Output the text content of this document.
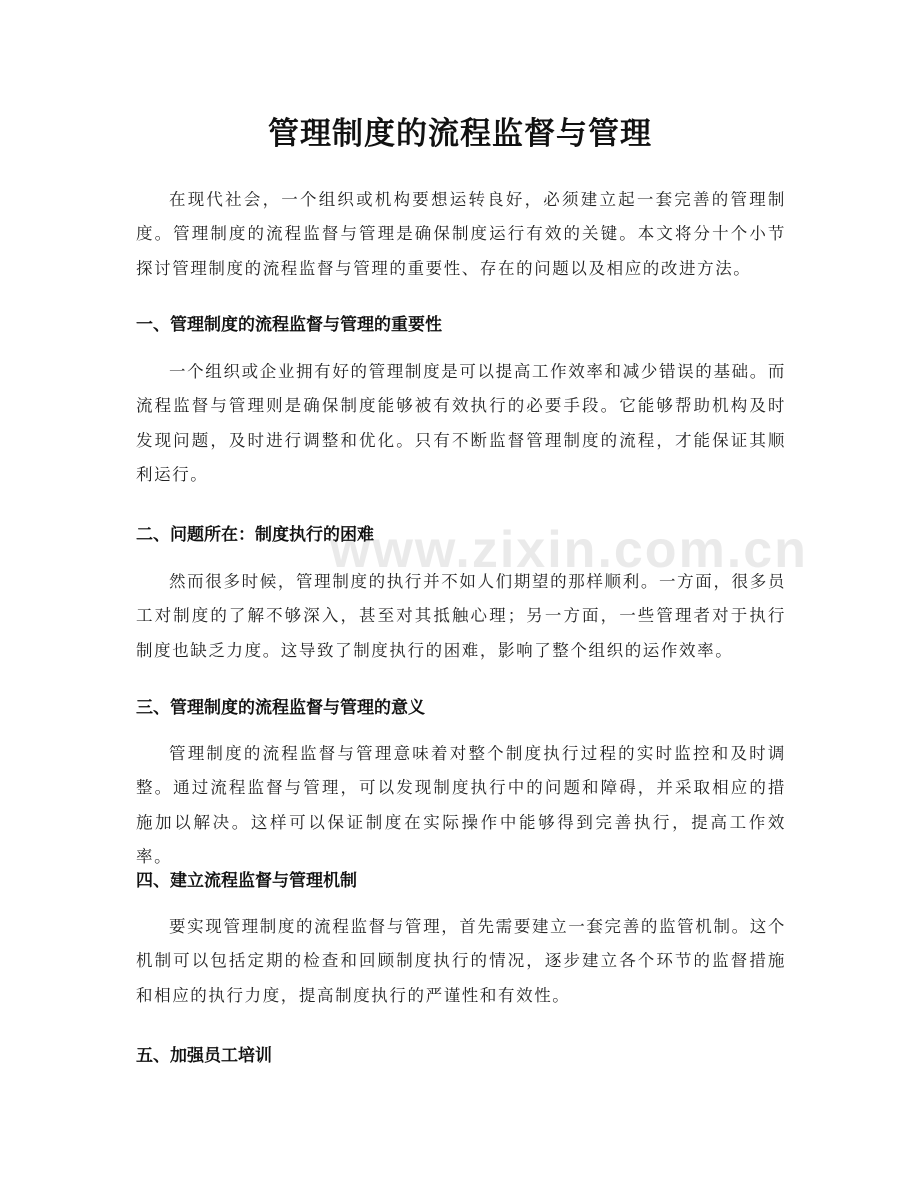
www.zixin.com.cn
管理制度的流程监督与管理
在现代社会，一个组织或机构要想运转良好，必须建立起一套完善的管理制度。管理制度的流程监督与管理是确保制度运行有效的关键。本文将分十个小节探讨管理制度的流程监督与管理的重要性、存在的问题以及相应的改进方法。
一、管理制度的流程监督与管理的重要性
一个组织或企业拥有好的管理制度是可以提高工作效率和减少错误的基础。而流程监督与管理则是确保制度能够被有效执行的必要手段。它能够帮助机构及时发现问题，及时进行调整和优化。只有不断监督管理制度的流程，才能保证其顺利运行。
二、问题所在：制度执行的困难
然而很多时候，管理制度的执行并不如人们期望的那样顺利。一方面，很多员工对制度的了解不够深入，甚至对其抵触心理；另一方面，一些管理者对于执行制度也缺乏力度。这导致了制度执行的困难，影响了整个组织的运作效率。
三、管理制度的流程监督与管理的意义
管理制度的流程监督与管理意味着对整个制度执行过程的实时监控和及时调整。通过流程监督与管理，可以发现制度执行中的问题和障碍，并采取相应的措施加以解决。这样可以保证制度在实际操作中能够得到完善执行，提高工作效率。
四、建立流程监督与管理机制
要实现管理制度的流程监督与管理，首先需要建立一套完善的监管机制。这个机制可以包括定期的检查和回顾制度执行的情况，逐步建立各个环节的监督措施和相应的执行力度，提高制度执行的严谨性和有效性。
五、加强员工培训
